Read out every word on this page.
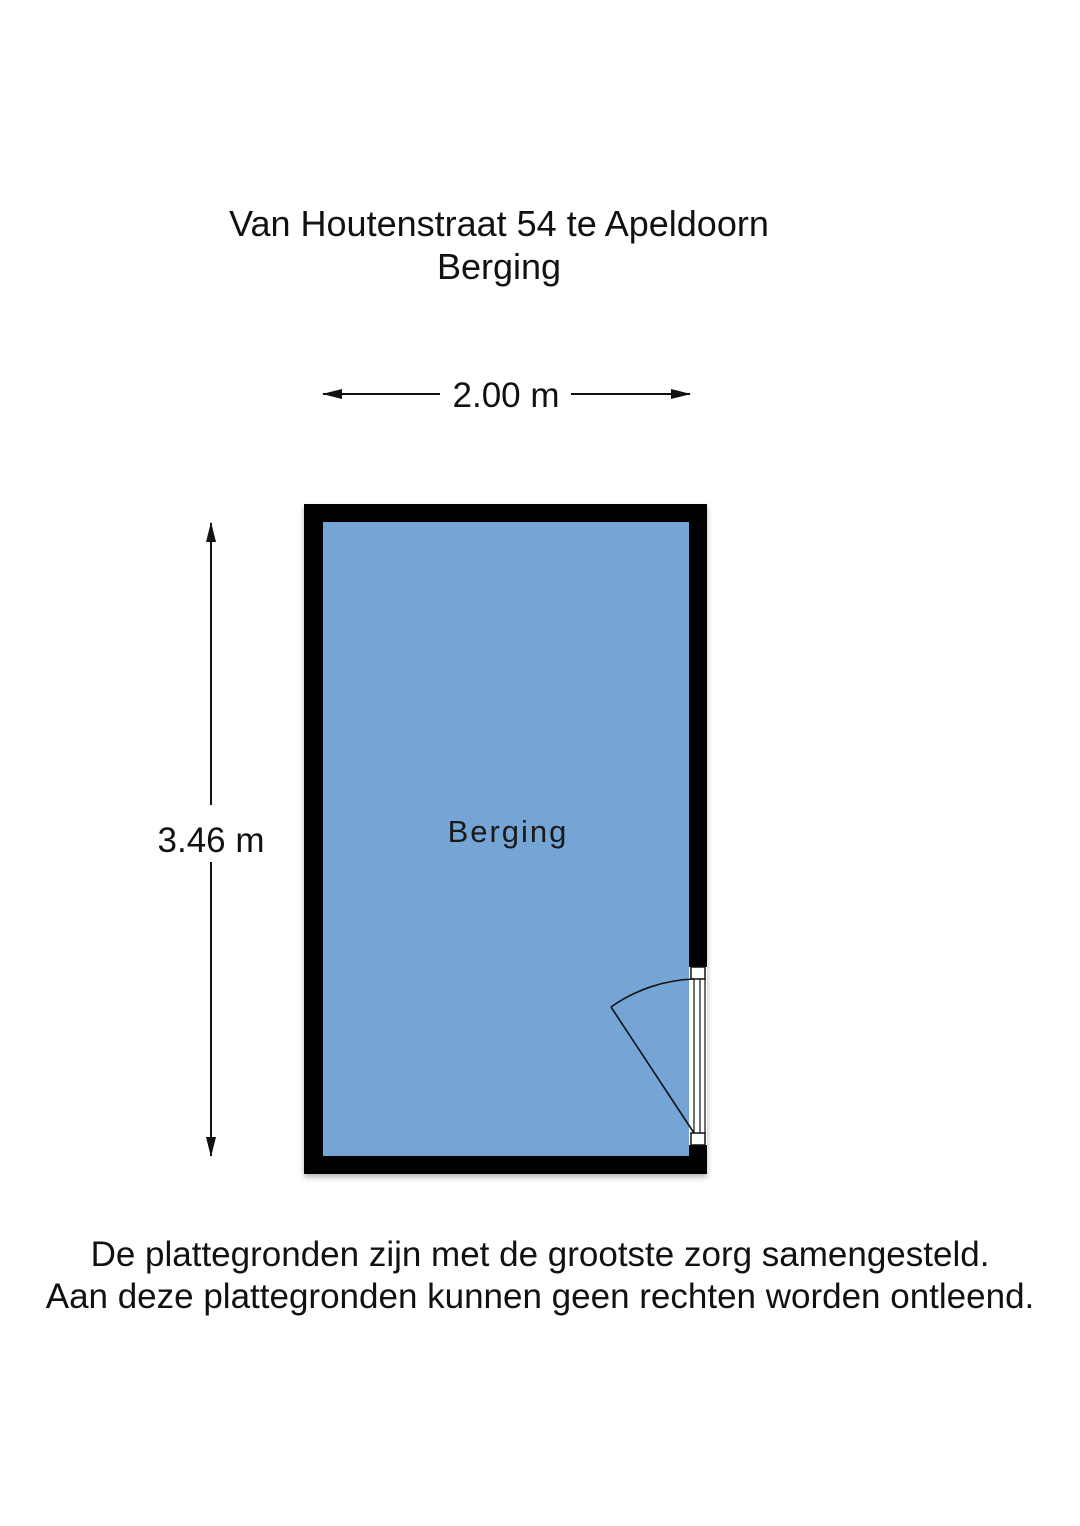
Van Houtenstraat 54 te Apeldoorn
Berging
2.00 m
3.46 m	Berging
De plattegronden zijn met de grootste zorg samengesteld.
Aan deze plattegronden kunnen geen rechten worden ontleend.
